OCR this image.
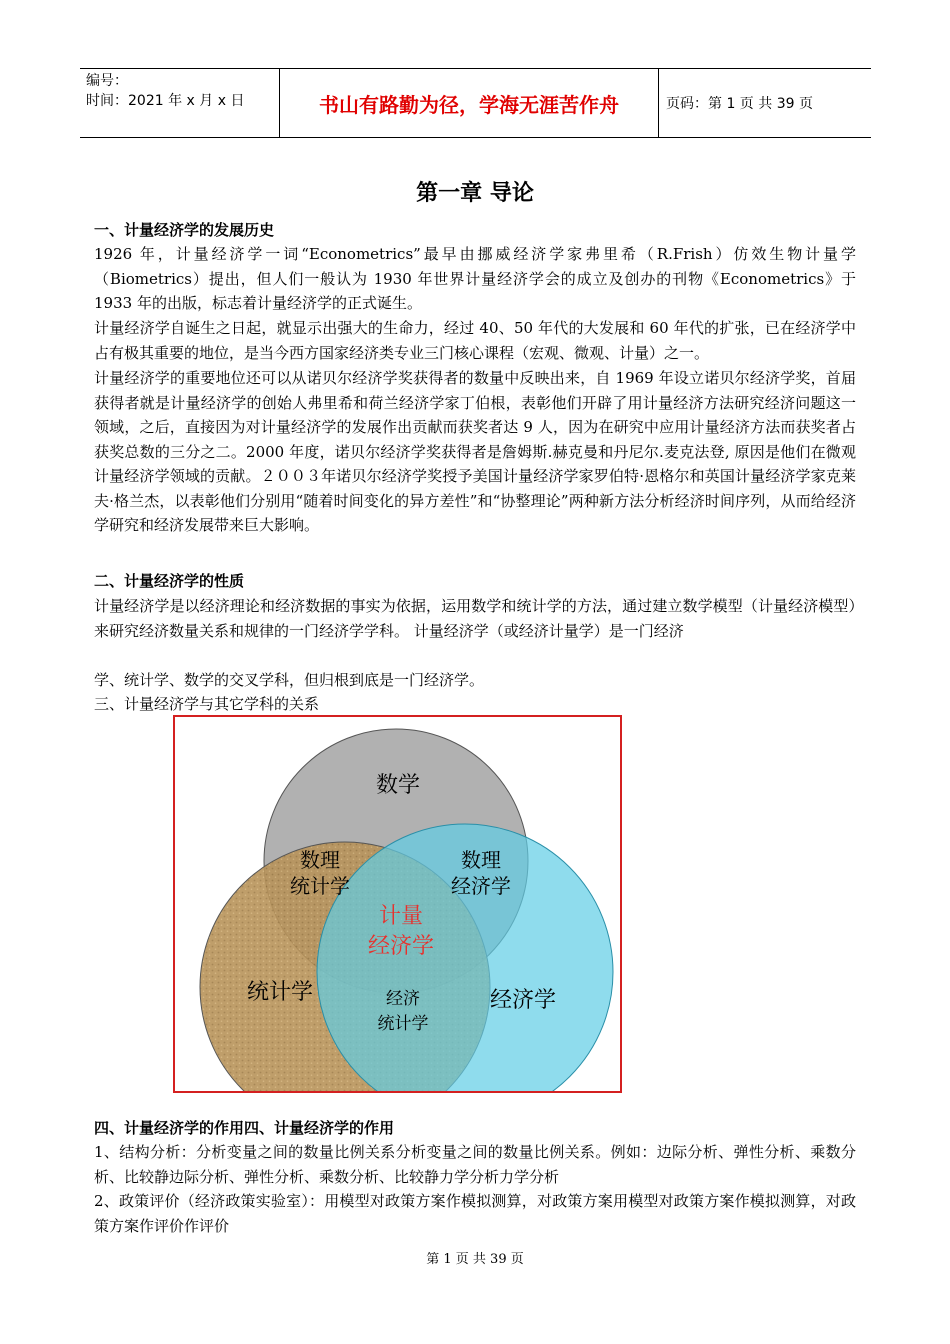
编号：
时间：2021 年 x 月 x 日	书山有路勤为径，学海无涯苦作舟	页码：第 1 页 共 39 页
第一章 导论
一、计量经济学的发展历史
1926 年，计量经济学一词“Econometrics”最早由挪威经济学家弗里希（R.Frish）仿效生物计量学（Biometrics）提出，但人们一般认为 1930 年世界计量经济学会的成立及创办的刊物《Econometrics》于 1933 年的出版，标志着计量经济学的正式诞生。
计量经济学自诞生之日起，就显示出强大的生命力，经过 40、50 年代的大发展和 60 年代的扩张，已在经济学中占有极其重要的地位，是当今西方国家经济类专业三门核心课程（宏观、微观、计量）之一。
计量经济学的重要地位还可以从诺贝尔经济学奖获得者的数量中反映出来，自 1969 年设立诺贝尔经济学奖，首届获得者就是计量经济学的创始人弗里希和荷兰经济学家丁伯根，表彰他们开辟了用计量经济方法研究经济问题这一领域，之后，直接因为对计量经济学的发展作出贡献而获奖者达 9 人，因为在研究中应用计量经济方法而获奖者占获奖总数的三分之二。2000 年度，诺贝尔经济学奖获得者是詹姆斯.赫克曼和丹尼尔.麦克法登, 原因是他们在微观计量经济学领域的贡献。２００３年诺贝尔经济学奖授予美国计量经济学家罗伯特·恩格尔和英国计量经济学家克莱夫·格兰杰，以表彰他们分别用“随着时间变化的异方差性”和“协整理论”两种新方法分析经济时间序列，从而给经济学研究和经济发展带来巨大影响。
二、计量经济学的性质
计量经济学是以经济理论和经济数据的事实为依据，运用数学和统计学的方法，通过建立数学模型（计量经济模型）来研究经济数量关系和规律的一门经济学学科。 计量经济学（或经济计量学）是一门经济
学、统计学、数学的交叉学科，但归根到底是一门经济学。
三、计量经济学与其它学科的关系
数学
数理
统计学
数理
经济学
计量
经济学
统计学	经济
统计学
经济学
四、计量经济学的作用四、计量经济学的作用
1、结构分析：分析变量之间的数量比例关系分析变量之间的数量比例关系。例如：边际分析、弹性分析、乘数分析、比较静边际分析、弹性分析、乘数分析、比较静力学分析力学分析
2、政策评价（经济政策实验室）：用模型对政策方案作模拟测算，对政策方案用模型对政策方案作模拟测算，对政策方案作评价作评价
第 1 页 共 39 页
